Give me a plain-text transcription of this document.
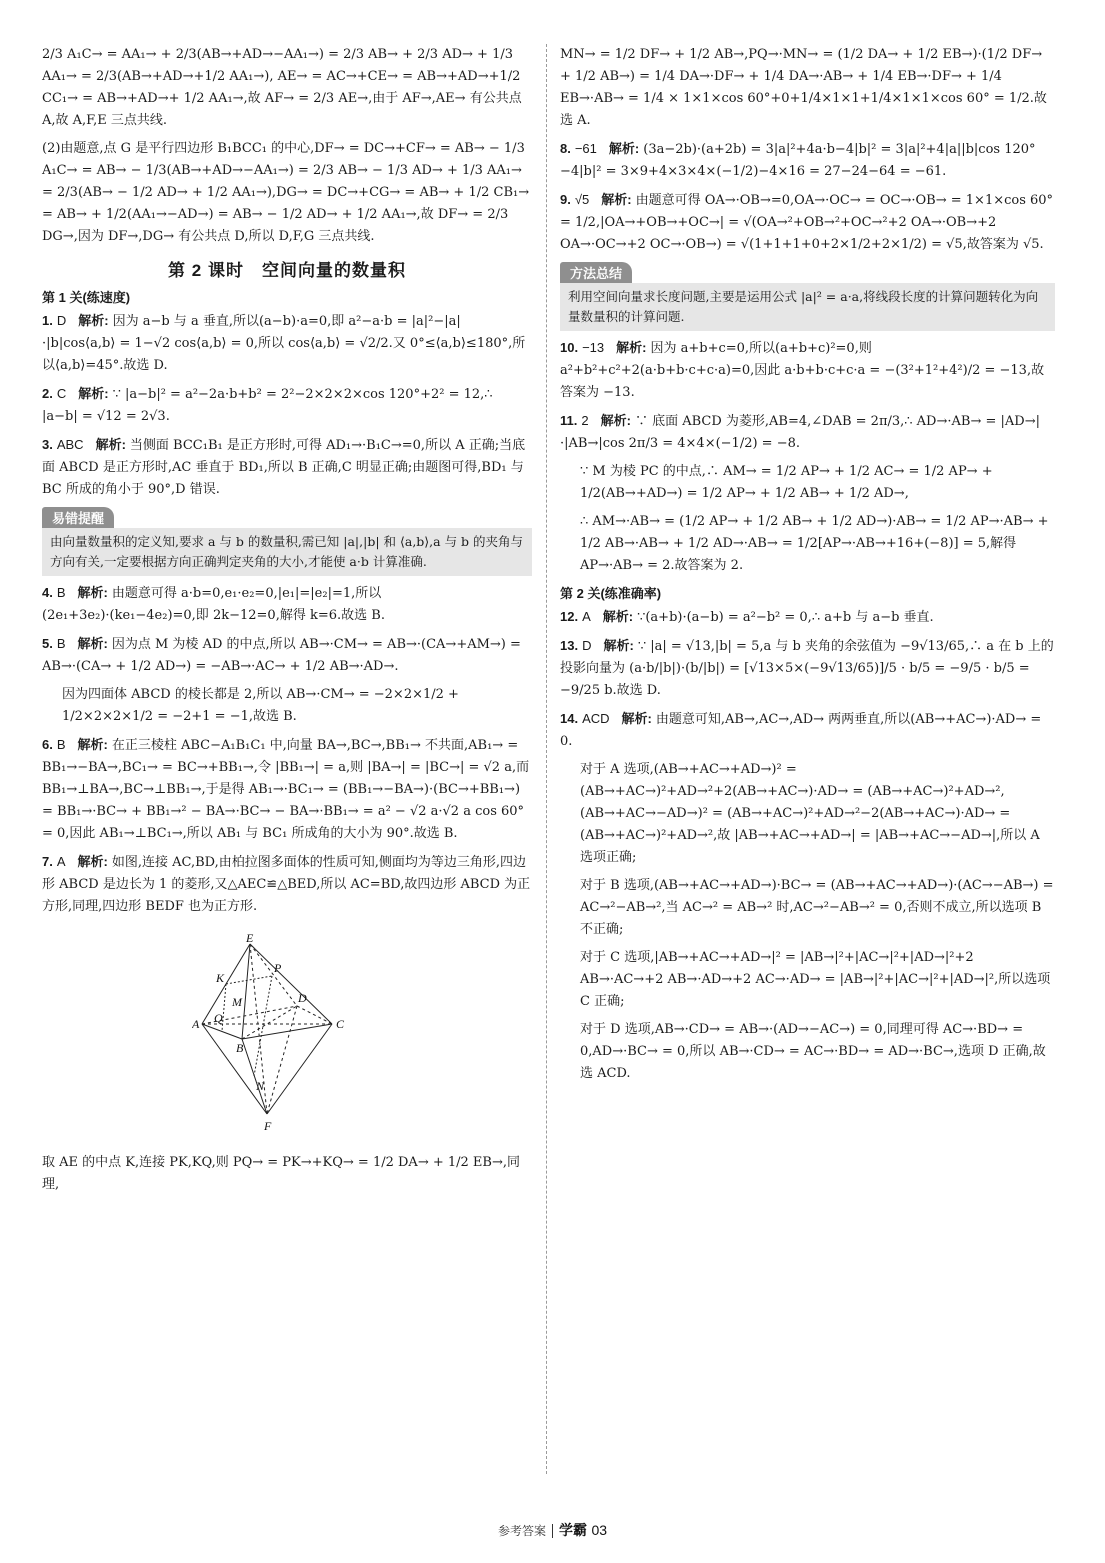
2/3 A₁C→ = AA₁→ + 2/3(AB→+AD→−AA₁→) = 2/3 AB→ + 2/3 AD→ + 1/3 AA₁→ = 2/3(AB→+AD→+1/2 AA₁→), AE→ = AC→+CE→ = AB→+AD→+1/2 CC₁→ = AB→+AD→+ 1/2 AA₁→,故 AF→ = 2/3 AE→,由于 AF→,AE→ 有公共点 A,故 A,F,E 三点共线.

(2)由题意,点 G 是平行四边形 B₁BCC₁ 的中心,DF→ = DC→+CF→ = AB→ − 1/3 A₁C→ = AB→ − 1/3(AB→+AD→−AA₁→) = 2/3 AB→ − 1/3 AD→ + 1/3 AA₁→ = 2/3(AB→ − 1/2 AD→ + 1/2 AA₁→),DG→ = DC→+CG→ = AB→ + 1/2 CB₁→ = AB→ + 1/2(AA₁→−AD→) = AB→ − 1/2 AD→ + 1/2 AA₁→,故 DF→ = 2/3 DG→,因为 DF→,DG→ 有公共点 D,所以 D,F,G 三点共线.

第 2 课时　空间向量的数量积
第 1 关(练速度)

1. D 解析: 因为 a−b 与 a 垂直,所以(a−b)·a=0,即 a²−a·b = |a|²−|a|·|b|cos⟨a,b⟩ = 1−√2 cos⟨a,b⟩ = 0,所以 cos⟨a,b⟩ = √2/2.又 0°≤⟨a,b⟩≤180°,所以⟨a,b⟩=45°.故选 D.

2. C 解析: ∵ |a−b|² = a²−2a·b+b² = 2²−2×2×2×cos 120°+2² = 12,∴ |a−b| = √12 = 2√3.

3. ABC 解析: 当侧面 BCC₁B₁ 是正方形时,可得 AD₁→·B₁C→=0,所以 A 正确;当底面 ABCD 是正方形时,AC 垂直于 BD₁,所以 B 正确,C 明显正确;由题图可得,BD₁ 与 BC 所成的角小于 90°,D 错误.

易错提醒
由向量数量积的定义知,要求 a 与 b 的数量积,需已知 |a|,|b| 和 ⟨a,b⟩,a 与 b 的夹角与方向有关,一定要根据方向正确判定夹角的大小,才能使 a·b 计算准确.

4. B 解析: 由题意可得 a·b=0,e₁·e₂=0,|e₁|=|e₂|=1,所以(2e₁+3e₂)·(ke₁−4e₂)=0,即 2k−12=0,解得 k=6.故选 B.

5. B 解析: 因为点 M 为棱 AD 的中点,所以 AB→·CM→ = AB→·(CA→+AM→) = AB→·(CA→ + 1/2 AD→) = −AB→·AC→ + 1/2 AB→·AD→.

因为四面体 ABCD 的棱长都是 2,所以 AB→·CM→ = −2×2×1/2 + 1/2×2×2×1/2 = −2+1 = −1,故选 B.

6. B 解析: 在正三棱柱 ABC−A₁B₁C₁ 中,向量 BA→,BC→,BB₁→ 不共面,AB₁→ = BB₁→−BA→,BC₁→ = BC→+BB₁→,令 |BB₁→| = a,则 |BA→| = |BC→| = √2 a,而 BB₁→⊥BA→,BC→⊥BB₁→,于是得 AB₁→·BC₁→ = (BB₁→−BA→)·(BC→+BB₁→) = BB₁→·BC→ + BB₁→² − BA→·BC→ − BA→·BB₁→ = a² − √2 a·√2 a cos 60° = 0,因此 AB₁→⊥BC₁→,所以 AB₁ 与 BC₁ 所成角的大小为 90°.故选 B.

7. A 解析: 如图,连接 AC,BD,由柏拉图多面体的性质可知,侧面均为等边三角形,四边形 ABCD 是边长为 1 的菱形,又△AEC≌△BED,所以 AC=BD,故四边形 ABCD 为正方形,同理,四边形 BEDF 也为正方形.

E
K
P
M
Q
D
A	C
B
N
F

取 AE 的中点 K,连接 PK,KQ,则 PQ→ = PK→+KQ→ = 1/2 DA→ + 1/2 EB→,同理,

MN→ = 1/2 DF→ + 1/2 AB→,PQ→·MN→ = (1/2 DA→ + 1/2 EB→)·(1/2 DF→ + 1/2 AB→) = 1/4 DA→·DF→ + 1/4 DA→·AB→ + 1/4 EB→·DF→ + 1/4 EB→·AB→ = 1/4 × 1×1×cos 60°+0+1/4×1×1+1/4×1×1×cos 60° = 1/2.故选 A.

8. −61 解析: (3a−2b)·(a+2b) = 3|a|²+4a·b−4|b|² = 3|a|²+4|a||b|cos 120°−4|b|² = 3×9+4×3×4×(−1/2)−4×16 = 27−24−64 = −61.

9. √5 解析: 由题意可得 OA→·OB→=0,OA→·OC→ = OC→·OB→ = 1×1×cos 60° = 1/2,|OA→+OB→+OC→| = √(OA→²+OB→²+OC→²+2 OA→·OB→+2 OA→·OC→+2 OC→·OB→) = √(1+1+1+0+2×1/2+2×1/2) = √5,故答案为 √5.

方法总结
利用空间向量求长度问题,主要是运用公式 |a|² = a·a,将线段长度的计算问题转化为向量数量积的计算问题.

10. −13 解析: 因为 a+b+c=0,所以(a+b+c)²=0,则 a²+b²+c²+2(a·b+b·c+c·a)=0,因此 a·b+b·c+c·a = −(3²+1²+4²)/2 = −13,故答案为 −13.

11. 2 解析: ∵ 底面 ABCD 为菱形,AB=4,∠DAB = 2π/3,∴ AD→·AB→ = |AD→|·|AB→|cos 2π/3 = 4×4×(−1/2) = −8.

∵ M 为棱 PC 的中点,∴ AM→ = 1/2 AP→ + 1/2 AC→ = 1/2 AP→ + 1/2(AB→+AD→) = 1/2 AP→ + 1/2 AB→ + 1/2 AD→,

∴ AM→·AB→ = (1/2 AP→ + 1/2 AB→ + 1/2 AD→)·AB→ = 1/2 AP→·AB→ + 1/2 AB→·AB→ + 1/2 AD→·AB→ = 1/2[AP→·AB→+16+(−8)] = 5,解得 AP→·AB→ = 2.故答案为 2.

第 2 关(练准确率)

12. A 解析: ∵(a+b)·(a−b) = a²−b² = 0,∴ a+b 与 a−b 垂直.

13. D 解析: ∵ |a| = √13,|b| = 5,a 与 b 夹角的余弦值为 −9√13/65,∴ a 在 b 上的投影向量为 (a·b/|b|)·(b/|b|) = [√13×5×(−9√13/65)]/5 · b/5 = −9/5 · b/5 = −9/25 b.故选 D.

14. ACD 解析: 由题意可知,AB→,AC→,AD→ 两两垂直,所以(AB→+AC→)·AD→ = 0.

对于 A 选项,(AB→+AC→+AD→)² = (AB→+AC→)²+AD→²+2(AB→+AC→)·AD→ = (AB→+AC→)²+AD→²,(AB→+AC→−AD→)² = (AB→+AC→)²+AD→²−2(AB→+AC→)·AD→ = (AB→+AC→)²+AD→²,故 |AB→+AC→+AD→| = |AB→+AC→−AD→|,所以 A 选项正确;

对于 B 选项,(AB→+AC→+AD→)·BC→ = (AB→+AC→+AD→)·(AC→−AB→) = AC→²−AB→²,当 AC→² = AB→² 时,AC→²−AB→² = 0,否则不成立,所以选项 B 不正确;

对于 C 选项,|AB→+AC→+AD→|² = |AB→|²+|AC→|²+|AD→|²+2 AB→·AC→+2 AB→·AD→+2 AC→·AD→ = |AB→|²+|AC→|²+|AD→|²,所以选项 C 正确;

对于 D 选项,AB→·CD→ = AB→·(AD→−AC→) = 0,同理可得 AC→·BD→ = 0,AD→·BC→ = 0,所以 AB→·CD→ = AC→·BD→ = AD→·BC→,选项 D 正确,故选 ACD.

参考答案 学霸 03
